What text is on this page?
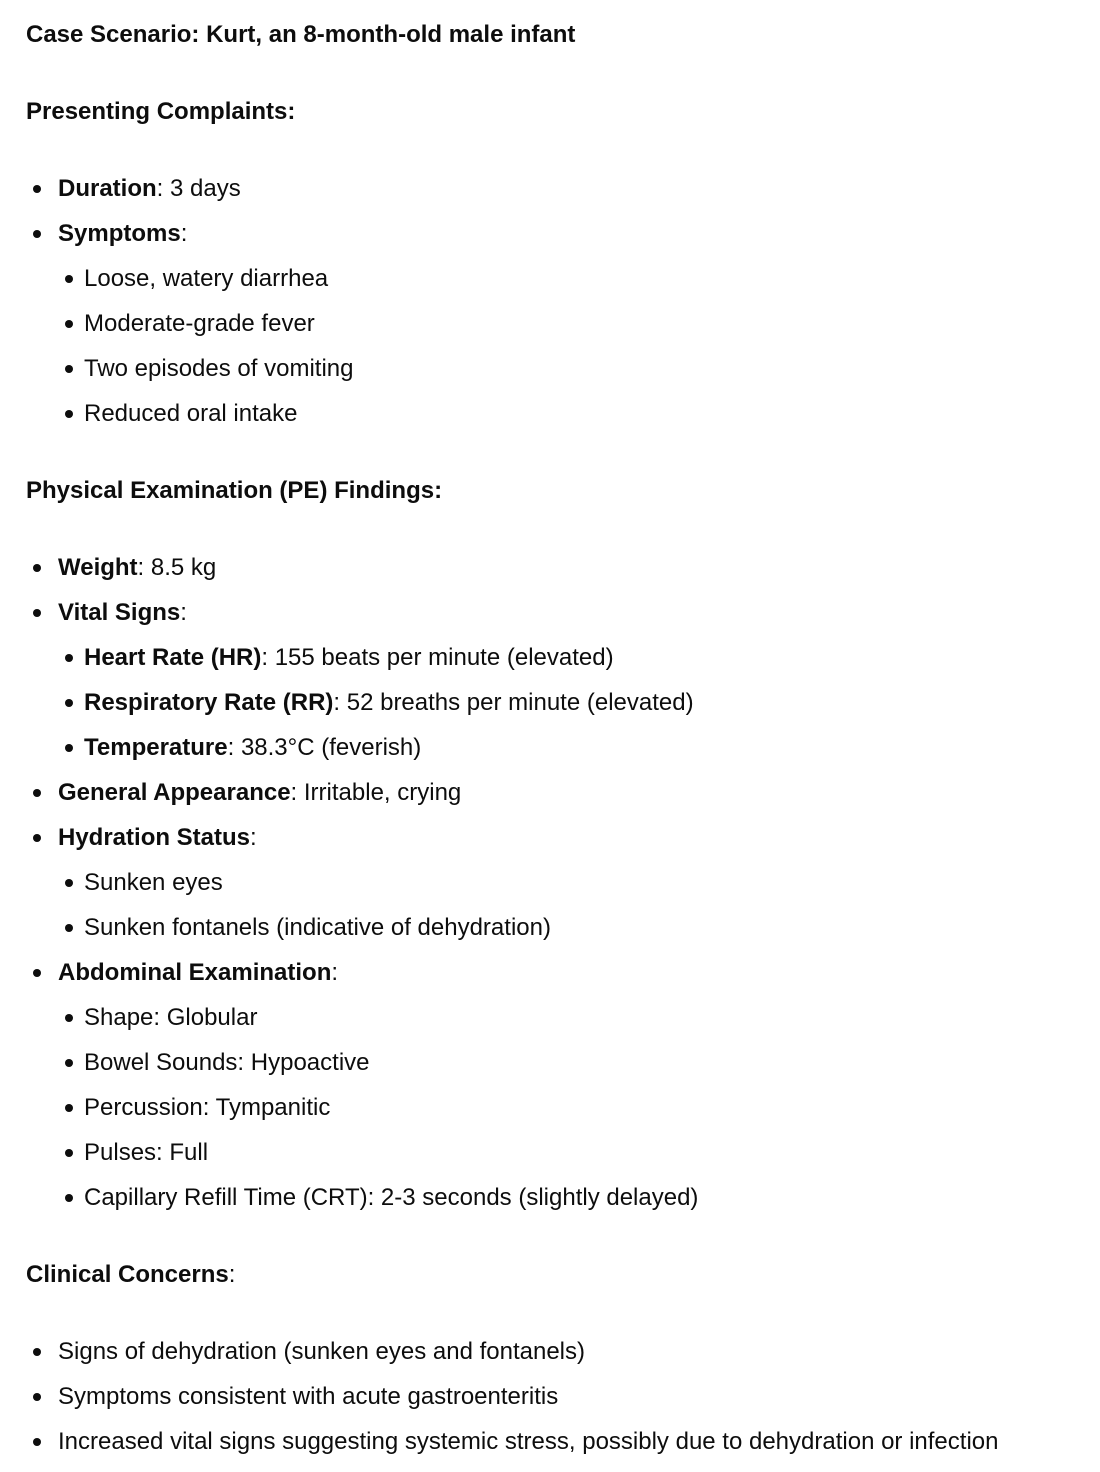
Case Scenario: Kurt, an 8-month-old male infant

Presenting Complaints:

Duration: 3 days
Symptoms:
Loose, watery diarrhea
Moderate-grade fever
Two episodes of vomiting
Reduced oral intake

Physical Examination (PE) Findings:

Weight: 8.5 kg
Vital Signs:
Heart Rate (HR): 155 beats per minute (elevated)
Respiratory Rate (RR): 52 breaths per minute (elevated)
Temperature: 38.3°C (feverish)
General Appearance: Irritable, crying
Hydration Status:
Sunken eyes
Sunken fontanels (indicative of dehydration)
Abdominal Examination:
Shape: Globular
Bowel Sounds: Hypoactive
Percussion: Tympanitic
Pulses: Full
Capillary Refill Time (CRT): 2-3 seconds (slightly delayed)

Clinical Concerns:

Signs of dehydration (sunken eyes and fontanels)
Symptoms consistent with acute gastroenteritis
Increased vital signs suggesting systemic stress, possibly due to dehydration or infection
